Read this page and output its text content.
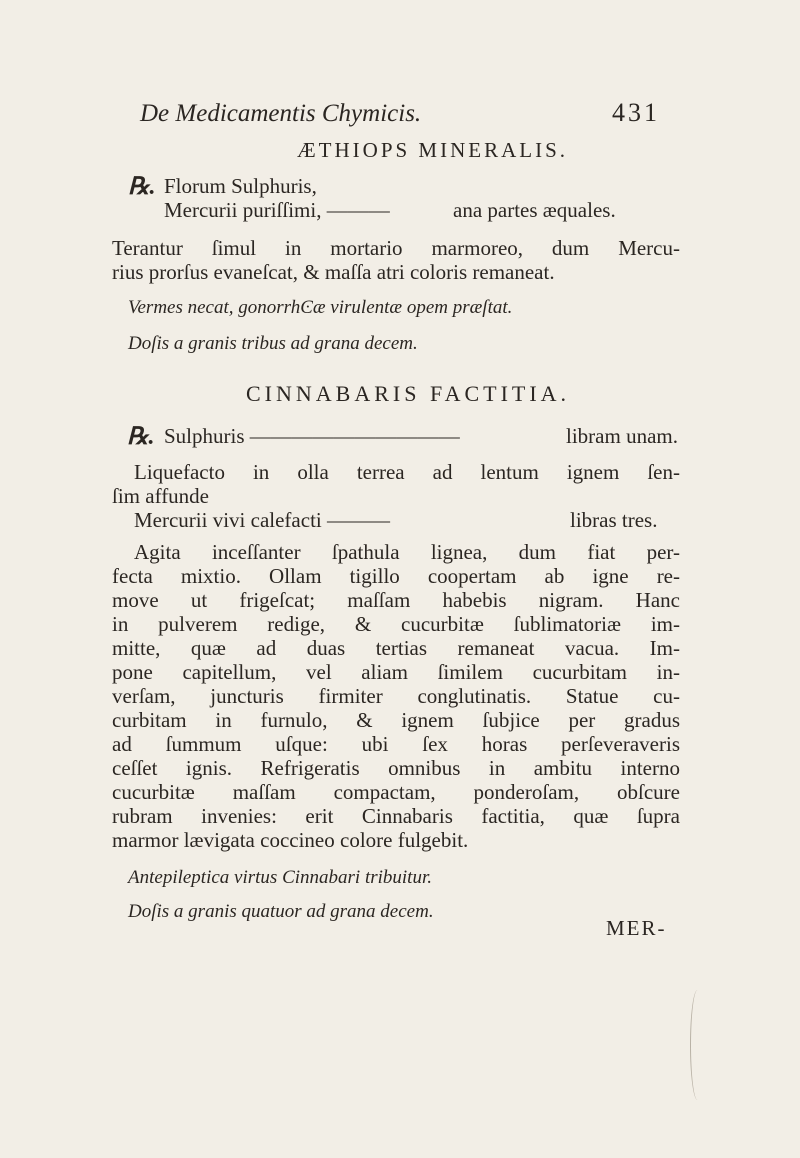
De Medicamentis Chymicis.	431
ÆTHIOPS MINERALIS.
℞. Florum Sulphuris,
Mercurii puriſſimi, ———	ana partes æquales.
Terantur ſimul in mortario marmoreo, dum Mercu-
rius prorſus evaneſcat, & maſſa atri coloris remaneat.
Vermes necat, gonorrhϾæ virulentæ opem præſtat.
Doſis a granis tribus ad grana decem.
CINNABARIS FACTITIA.
℞. Sulphuris ——————————	libram unam.
Liquefacto in olla terrea ad lentum ignem ſen-
ſim affunde
Mercurii vivi calefacti ———	libras tres.
Agita inceſſanter ſpathula lignea, dum fiat per-
fecta mixtio. Ollam tigillo coopertam ab igne re-
move ut frigeſcat; maſſam habebis nigram. Hanc
in pulverem redige, & cucurbitæ ſublimatoriæ im-
mitte, quæ ad duas tertias remaneat vacua. Im-
pone capitellum, vel aliam ſimilem cucurbitam in-
verſam, juncturis firmiter conglutinatis. Statue cu-
curbitam in furnulo, & ignem ſubjice per gradus
ad ſummum uſque: ubi ſex horas perſeveraveris
ceſſet ignis. Refrigeratis omnibus in ambitu interno
cucurbitæ maſſam compactam, ponderoſam, obſcure
rubram invenies: erit Cinnabaris factitia, quæ ſupra
marmor lævigata coccineo colore fulgebit.
Antepileptica virtus Cinnabari tribuitur.
Doſis a granis quatuor ad grana decem.
MER-
